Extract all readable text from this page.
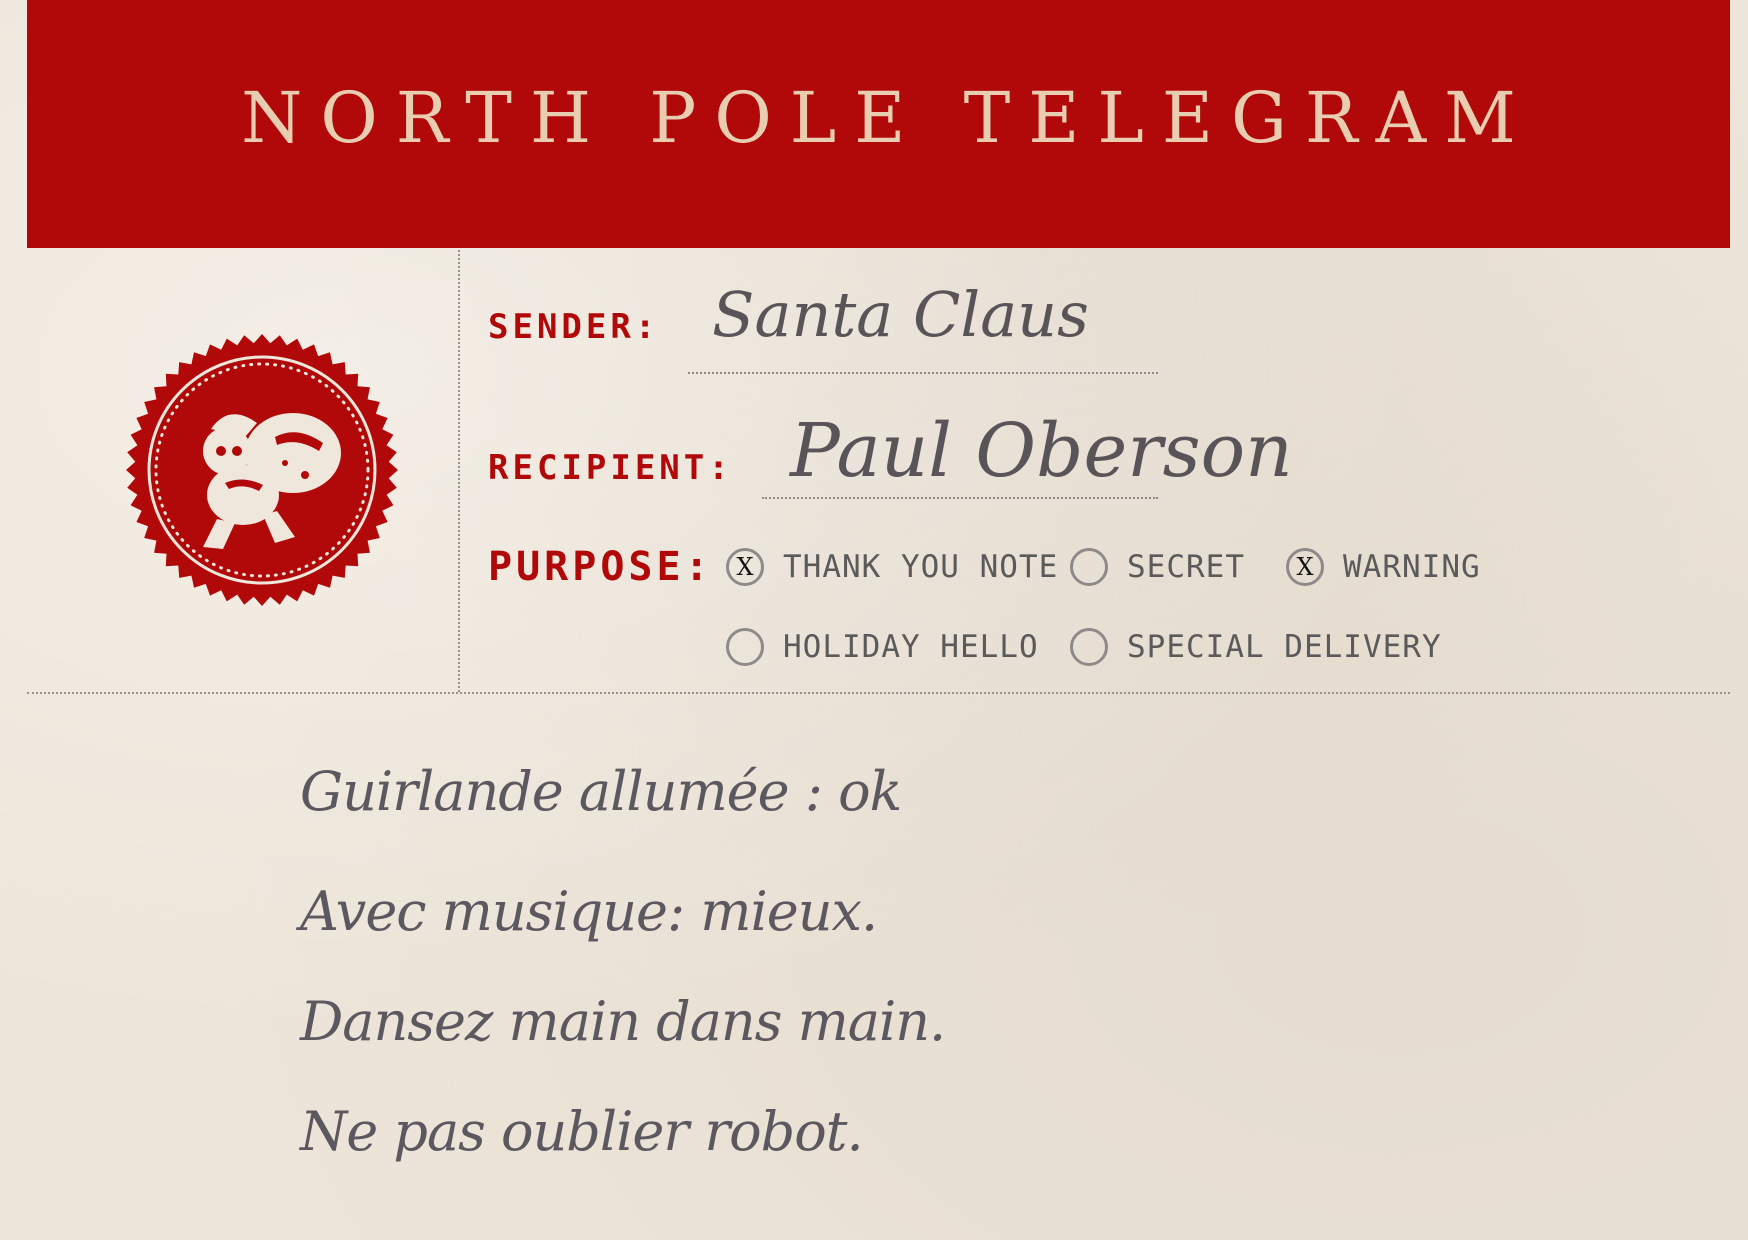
NORTH POLE TELEGRAM
SENDER: Santa Claus
RECIPIENT: Paul Oberson
PURPOSE: X THANK YOU NOTE SECRET	X WARNING
HOLIDAY HELLO	SPECIAL DELIVERY
Guirlande allumée : ok
Avec musique: mieux.
Dansez main dans main.
Ne pas oublier robot.
